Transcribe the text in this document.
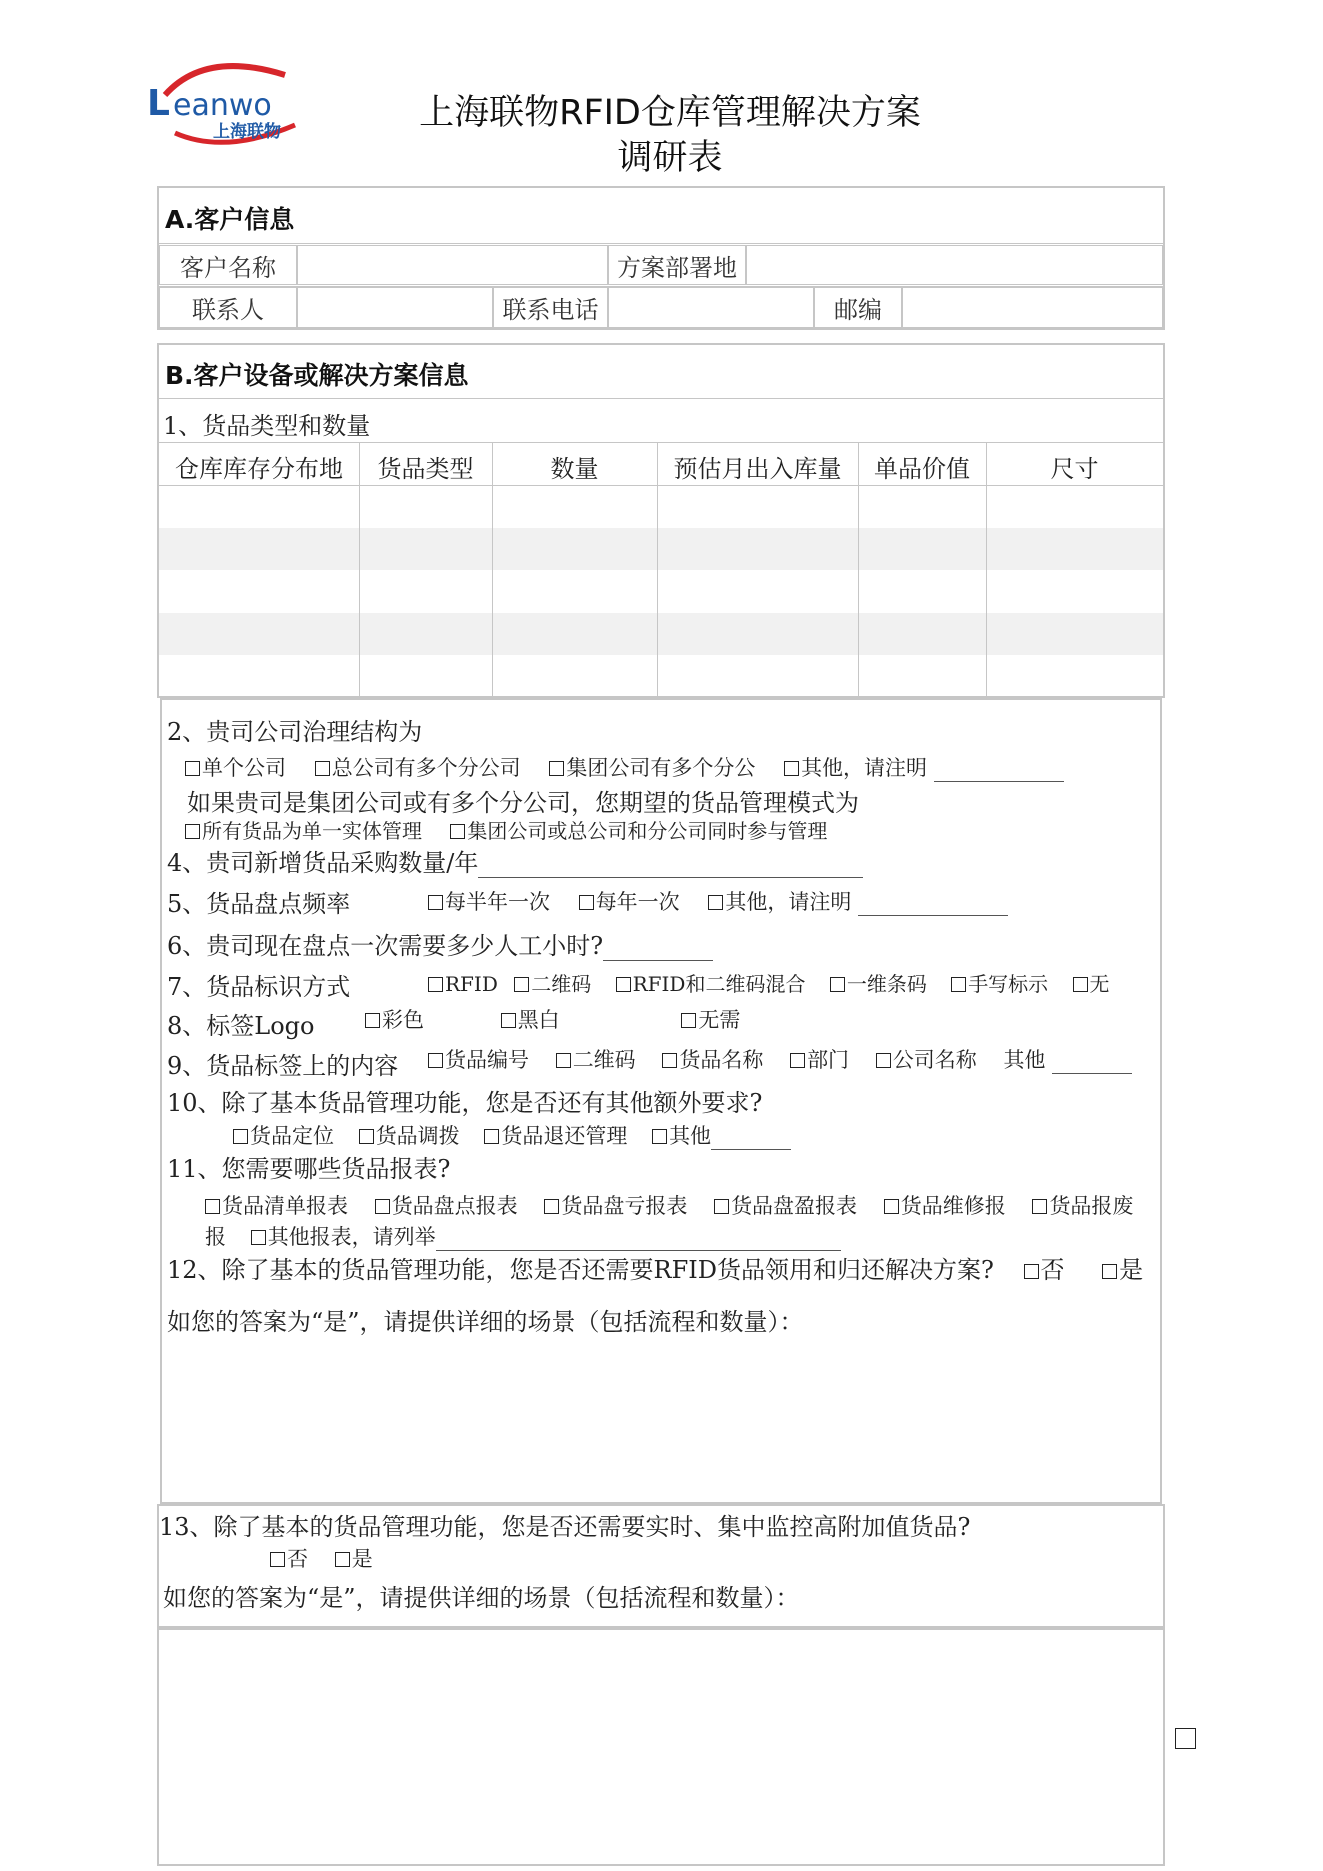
L eanwo
上海联物	上海联物RFID仓库管理解决方案
调研表
A.客户信息
客户名称	方案部署地
联系人	联系电话	邮编
B.客户设备或解决方案信息
1、货品类型和数量
仓库库存分布地	货品类型	数量	预估月出入库量	单品价值	尺寸
2、贵司公司治理结构为
单个公司 总公司有多个分公司 集团公司有多个分公 其他，请注明
如果贵司是集团公司或有多个分公司，您期望的货品管理模式为
所有货品为单一实体管理 集团公司或总公司和分公司同时参与管理
4、贵司新增货品采购数量/年
5、货品盘点频率	每半年一次 每年一次 其他，请注明
6、贵司现在盘点一次需要多少人工小时?
7、货品标识方式	RFID 二维码 RFID和二维码混合 一维条码 手写标示 无
8、标签Logo	彩色	黑白	无需
9、货品标签上的内容	货品编号 二维码 货品名称 部门 公司名称 其他
10、除了基本货品管理功能，您是否还有其他额外要求?
货品定位 货品调拨 货品退还管理 其他
11、您需要哪些货品报表?
货品清单报表 货品盘点报表 货品盘亏报表 货品盘盈报表 货品维修报 货品报废
报 其他报表，请列举
12、除了基本的货品管理功能，您是否还需要RFID货品领用和归还解决方案? 否 是
如您的答案为“是”，请提供详细的场景（包括流程和数量）：
13、除了基本的货品管理功能，您是否还需要实时、集中监控高附加值货品?
否 是
如您的答案为“是”，请提供详细的场景（包括流程和数量）：
